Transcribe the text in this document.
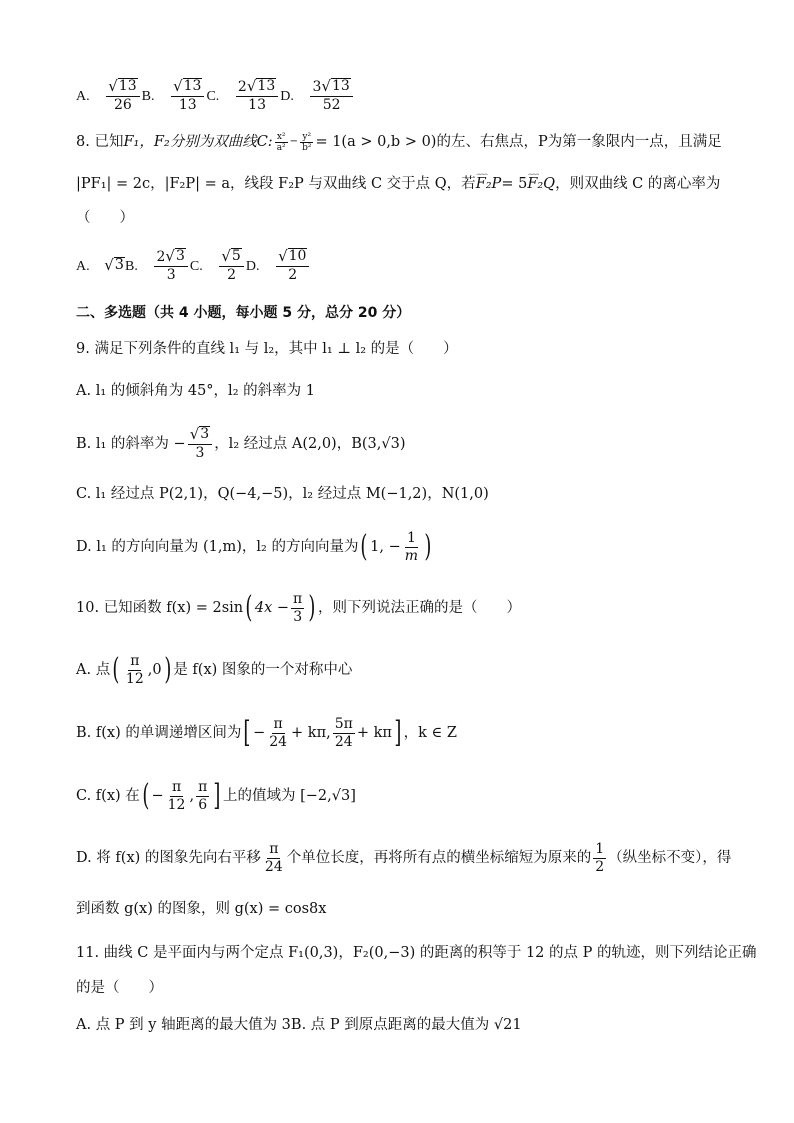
A. $\frac{√ 13}{26} B$. $\frac{√ 13}{13} C$. $\frac{2 √ 13}{13} D$. $\frac{3 √ 13}{52}$
8. 已知 F₁，F₂分别为双曲线 C: $\frac{\text{x²}}{\text{a²}} - \frac{\text{y²}}{\text{b²}} = 1(a > 0,b > 0)$的左、右焦点，P为第一象限内一点，且满足
|PF₁| = 2c，|F₂P| = a，线段 F₂P 与双曲线 C 交于点 Q，若 ⌢⌢⌢ F₂P = 5 ⌢⌢⌢ F₂Q ，则双曲线 C 的离心率为
（　　）
A. √ 3 B. $\frac{2 √ 3}{3} C$. $\frac{√ 5}{2} D$. $\frac{√ 10}{2}$
二、多选题（共 4 小题，每小题 5 分，总分 20 分）
9. 满足下列条件的直线 l₁ 与 l₂，其中 l₁ ⊥ l₂ 的是（　　）
A. l₁ 的倾斜角为 45°，l₂ 的斜率为 1
B. l₁ 的斜率为 − $\frac{√ 3}{3}$ ，l₂ 经过点 A(2,0)，B(3,√3)
C. l₁ 经过点 P(2,1)，Q(−4,−5)，l₂ 经过点 M(−1,2)，N(1,0)
D. l₁ 的方向向量为 (1,m)，l₂ 的方向向量为 ( 1, − $\frac{1}{m}$ )
10. 已知函数 f(x) = 2sin ( $4x - \frac{\pi}{3}$ ) ，则下列说法正确的是（　　）
A. 点 ( $\frac{\pi}{12} ,0$ ) 是 f(x) 图象的一个对称中心
B. f(x) 的单调递增区间为 [ − $\frac{\pi}{24} + k\pi$, $\frac{5\pi}{24} + k\pi$ ] ，k ∈ Z
C. f(x) 在 ( − $\frac{\pi}{12}$ , $\frac{\pi}{6}$ ] 上的值域为 [−2,√3]
D. 将 f(x) 的图象先向右平移 $\frac{\pi}{24}$ 个单位长度，再将所有点的横坐标缩短为原来的 $\frac{1}{2}$ （纵坐标不变），得
到函数 g(x) 的图象，则 g(x) = cos8x
11. 曲线 C 是平面内与两个定点 F₁(0,3)，F₂(0,−3) 的距离的积等于 12 的点 P 的轨迹，则下列结论正确
的是（　　）
A. 点 P 到 y 轴距离的最大值为 3 B. 点 P 到原点距离的最大值为 √21
